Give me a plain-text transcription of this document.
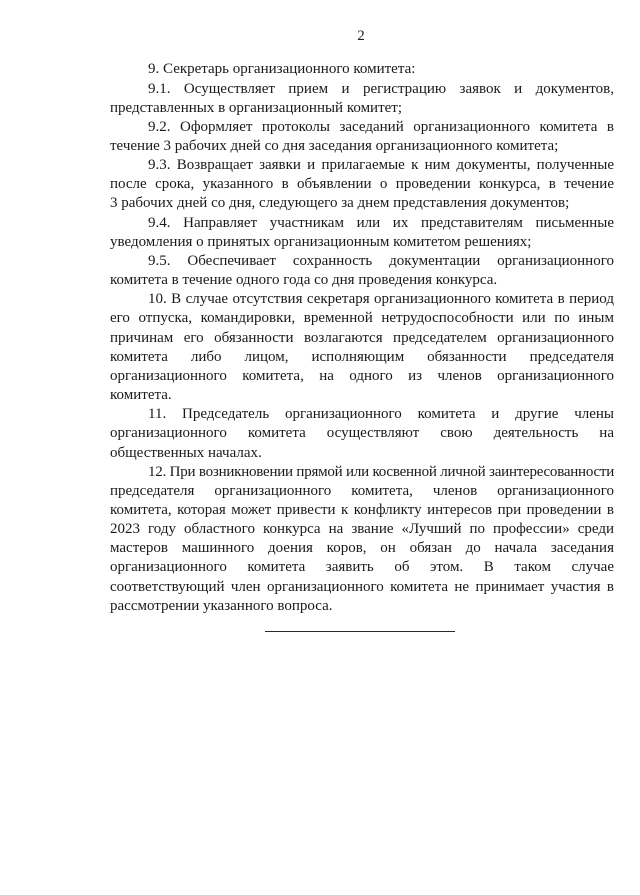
2
9. Секретарь организационного комитета:
9.1. Осуществляет прием и регистрацию заявок и документов,
представленных в организационный комитет;
9.2. Оформляет протоколы заседаний организационного комитета в
течение 3 рабочих дней со дня заседания организационного комитета;
9.3. Возвращает заявки и прилагаемые к ним документы, полученные
после срока, указанного в объявлении о проведении конкурса, в течение
3 рабочих дней со дня, следующего за днем представления документов;
9.4. Направляет участникам или их представителям письменные
уведомления о принятых организационным комитетом решениях;
9.5. Обеспечивает сохранность документации организационного
комитета в течение одного года со дня проведения конкурса.
10. В случае отсутствия секретаря организационного комитета в период
его отпуска, командировки, временной нетрудоспособности или по иным
причинам его обязанности возлагаются председателем организационного
комитета либо лицом, исполняющим обязанности председателя
организационного комитета, на одного из членов организационного
комитета.
11. Председатель организационного комитета и другие члены
организационного комитета осуществляют свою деятельность на
общественных началах.
12. При возникновении прямой или косвенной личной заинтересованности
председателя организационного комитета, членов организационного
комитета, которая может привести к конфликту интересов при проведении в
2023 году областного конкурса на звание «Лучший по профессии» среди
мастеров машинного доения коров, он обязан до начала заседания
организационного комитета заявить об этом. В таком случае
соответствующий член организационного комитета не принимает участия в
рассмотрении указанного вопроса.
